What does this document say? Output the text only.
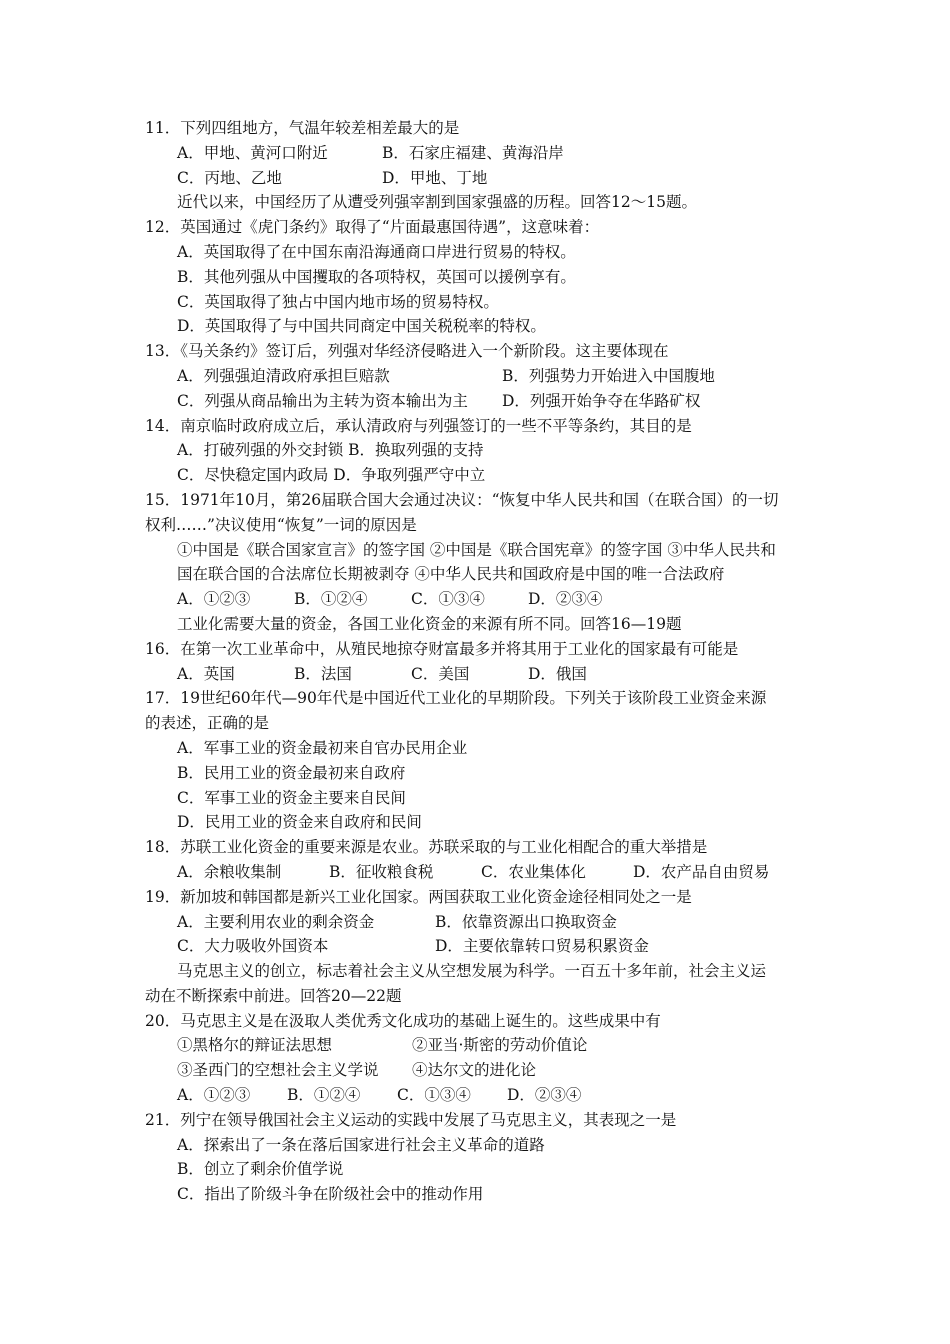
11．下列四组地方，气温年较差相差最大的是
A．甲地、黄河口附近	B．石家庄福建、黄海沿岸
C．丙地、乙地	D．甲地、丁地
近代以来，中国经历了从遭受列强宰割到国家强盛的历程。回答12～15题。
12．英国通过《虎门条约》取得了“片面最惠国待遇”，这意味着：
A．英国取得了在中国东南沿海通商口岸进行贸易的特权。
B．其他列强从中国攫取的各项特权，英国可以援例享有。
C．英国取得了独占中国内地市场的贸易特权。
D．英国取得了与中国共同商定中国关税税率的特权。
13．《马关条约》签订后，列强对华经济侵略进入一个新阶段。这主要体现在
A．列强强迫清政府承担巨赔款	B．列强势力开始进入中国腹地
C．列强从商品输出为主转为资本输出为主 D．列强开始争夺在华路矿权
14．南京临时政府成立后，承认清政府与列强签订的一些不平等条约，其目的是
A．打破列强的外交封锁 B．换取列强的支持
C．尽快稳定国内政局 D．争取列强严守中立
15．1971年10月，第26届联合国大会通过决议：“恢复中华人民共和国（在联合国）的一切
权利……”决议使用“恢复”一词的原因是
①中国是《联合国家宣言》的签字国 ②中国是《联合国宪章》的签字国 ③中华人民共和
国在联合国的合法席位长期被剥夺 ④中华人民共和国政府是中国的唯一合法政府
A．①②③	B．①②④	C．①③④	D．②③④
工业化需要大量的资金，各国工业化资金的来源有所不同。回答16—19题
16．在第一次工业革命中，从殖民地掠夺财富最多并将其用于工业化的国家最有可能是
A．英国	B．法国	C．美国	D．俄国
17．19世纪60年代—90年代是中国近代工业化的早期阶段。下列关于该阶段工业资金来源
的表述，正确的是
A．军事工业的资金最初来自官办民用企业
B．民用工业的资金最初来自政府
C．军事工业的资金主要来自民间
D．民用工业的资金来自政府和民间
18．苏联工业化资金的重要来源是农业。苏联采取的与工业化相配合的重大举措是
A．余粮收集制	B．征收粮食税	C．农业集体化	D．农产品自由贸易
19．新加坡和韩国都是新兴工业化国家。两国获取工业化资金途径相同处之一是
A．主要利用农业的剩余资金	B．依靠资源出口换取资金
C．大力吸收外国资本	D．主要依靠转口贸易积累资金
马克思主义的创立，标志着社会主义从空想发展为科学。一百五十多年前，社会主义运
动在不断探索中前进。回答20—22题
20．马克思主义是在汲取人类优秀文化成功的基础上诞生的。这些成果中有
①黑格尔的辩证法思想	②亚当·斯密的劳动价值论
③圣西门的空想社会主义学说 ④达尔文的进化论
A．①②③ B．①②④ C．①③④ D．②③④
21．列宁在领导俄国社会主义运动的实践中发展了马克思主义，其表现之一是
A．探索出了一条在落后国家进行社会主义革命的道路
B．创立了剩余价值学说
C．指出了阶级斗争在阶级社会中的推动作用
